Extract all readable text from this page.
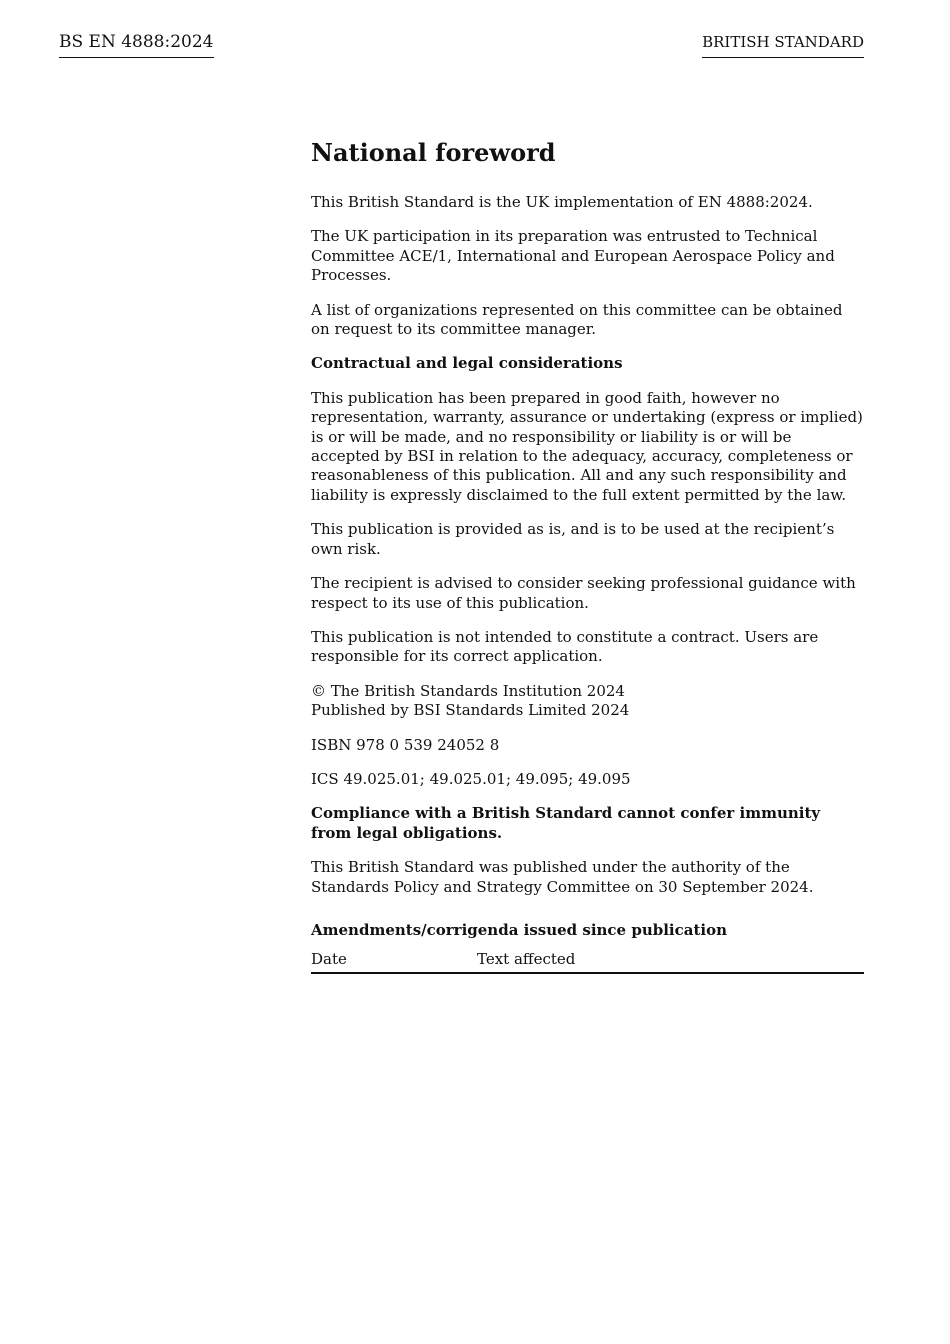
BS EN 4888:2024	BRITISH STANDARD
National foreword

This British Standard is the UK implementation of EN 4888:2024.

The UK participation in its preparation was entrusted to Technical Committee ACE/1, International and European Aerospace Policy and Processes.

A list of organizations represented on this committee can be obtained on request to its committee manager.

Contractual and legal considerations

This publication has been prepared in good faith, however no representation, warranty, assurance or undertaking (express or implied) is or will be made, and no responsibility or liability is or will be accepted by BSI in relation to the adequacy, accuracy, completeness or reasonableness of this publication. All and any such responsibility and liability is expressly disclaimed to the full extent permitted by the law.

This publication is provided as is, and is to be used at the recipient’s own risk.

The recipient is advised to consider seeking professional guidance with respect to its use of this publication.

This publication is not intended to constitute a contract. Users are responsible for its correct application.

© The British Standards Institution 2024
Published by BSI Standards Limited 2024

ISBN 978 0 539 24052 8

ICS 49.025.01; 49.025.01; 49.095; 49.095

Compliance with a British Standard cannot confer immunity from legal obligations.

This British Standard was published under the authority of the Standards Policy and Strategy Committee on 30 September 2024.

Amendments/corrigenda issued since publication
Date	Text affected
